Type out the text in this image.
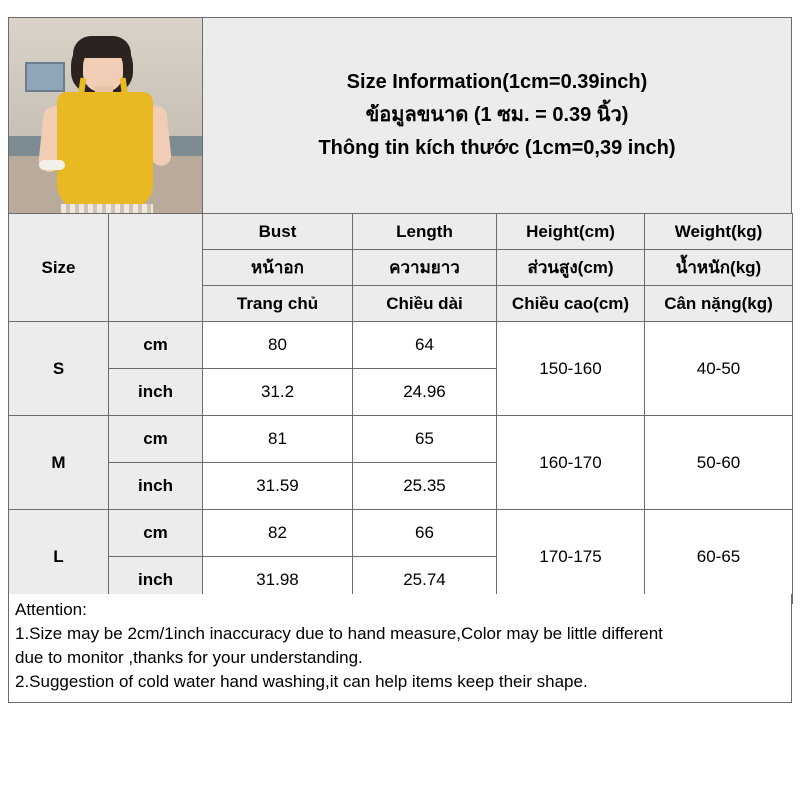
Size Information(1cm=0.39inch)
ข้อมูลขนาด (1 ซม. = 0.39 นิ้ว)
Thông tin kích thước (1cm=0,39 inch)
Size		Bust	Length	Height(cm)	Weight(kg)
		หน้าอก	ความยาว	ส่วนสูง(cm)	น้ำหนัก(kg)
		Trang chủ	Chiều dài	Chiều cao(cm)	Cân nặng(kg)
S	cm	80	64	150-160	40-50
	inch	31.2	24.96		
M	cm	81	65	160-170	50-60
	inch	31.59	25.35		
L	cm	82	66	170-175	60-65
	inch	31.98	25.74		

Attention:

1.Size may be 2cm/1inch inaccuracy due to hand measure,Color may be little different

due to monitor ,thanks for your understanding.

2.Suggestion of cold water hand washing,it can help items keep their shape.
